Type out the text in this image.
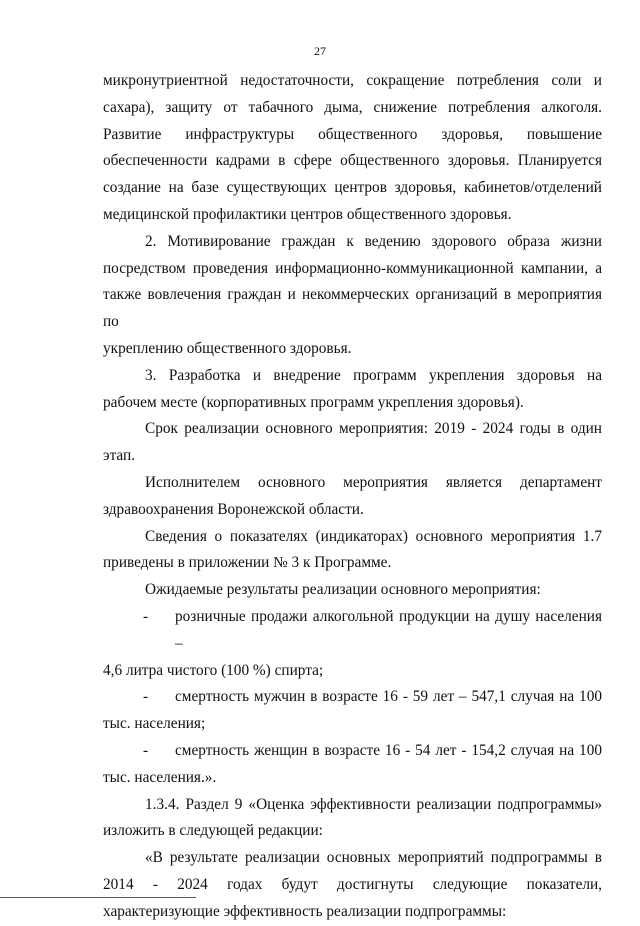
27
микронутриентной недостаточности, сокращение потребления соли и
сахара), защиту от табачного дыма, снижение потребления алкоголя.
Развитие инфраструктуры общественного здоровья, повышение
обеспеченности кадрами в сфере общественного здоровья. Планируется
создание на базе существующих центров здоровья, кабинетов/отделений
медицинской профилактики центров общественного здоровья.
2. Мотивирование граждан к ведению здорового образа жизни
посредством проведения информационно-коммуникационной кампании, а
также вовлечения граждан и некоммерческих организаций в мероприятия по
укреплению общественного здоровья.
3. Разработка и внедрение программ укрепления здоровья на
рабочем месте (корпоративных программ укрепления здоровья).
Срок реализации основного мероприятия: 2019 - 2024 годы в один этап.
Исполнителем основного мероприятия является департамент
здравоохранения Воронежской области.
Сведения о показателях (индикаторах) основного мероприятия 1.7
приведены в приложении № 3 к Программе.
Ожидаемые результаты реализации основного мероприятия:
-	розничные продажи алкогольной продукции на душу населения –
4,6 литра чистого (100 %) спирта;
-	смертность мужчин в возрасте 16 - 59 лет – 547,1 случая на 100
тыс. населения;
-	смертность женщин в возрасте 16 - 54 лет - 154,2 случая на 100
тыс. населения.».
1.3.4. Раздел 9 «Оценка эффективности реализации подпрограммы»
изложить в следующей редакции:
«В результате реализации основных мероприятий подпрограммы в
2014 - 2024 годах будут достигнуты следующие показатели,
характеризующие эффективность реализации подпрограммы:
